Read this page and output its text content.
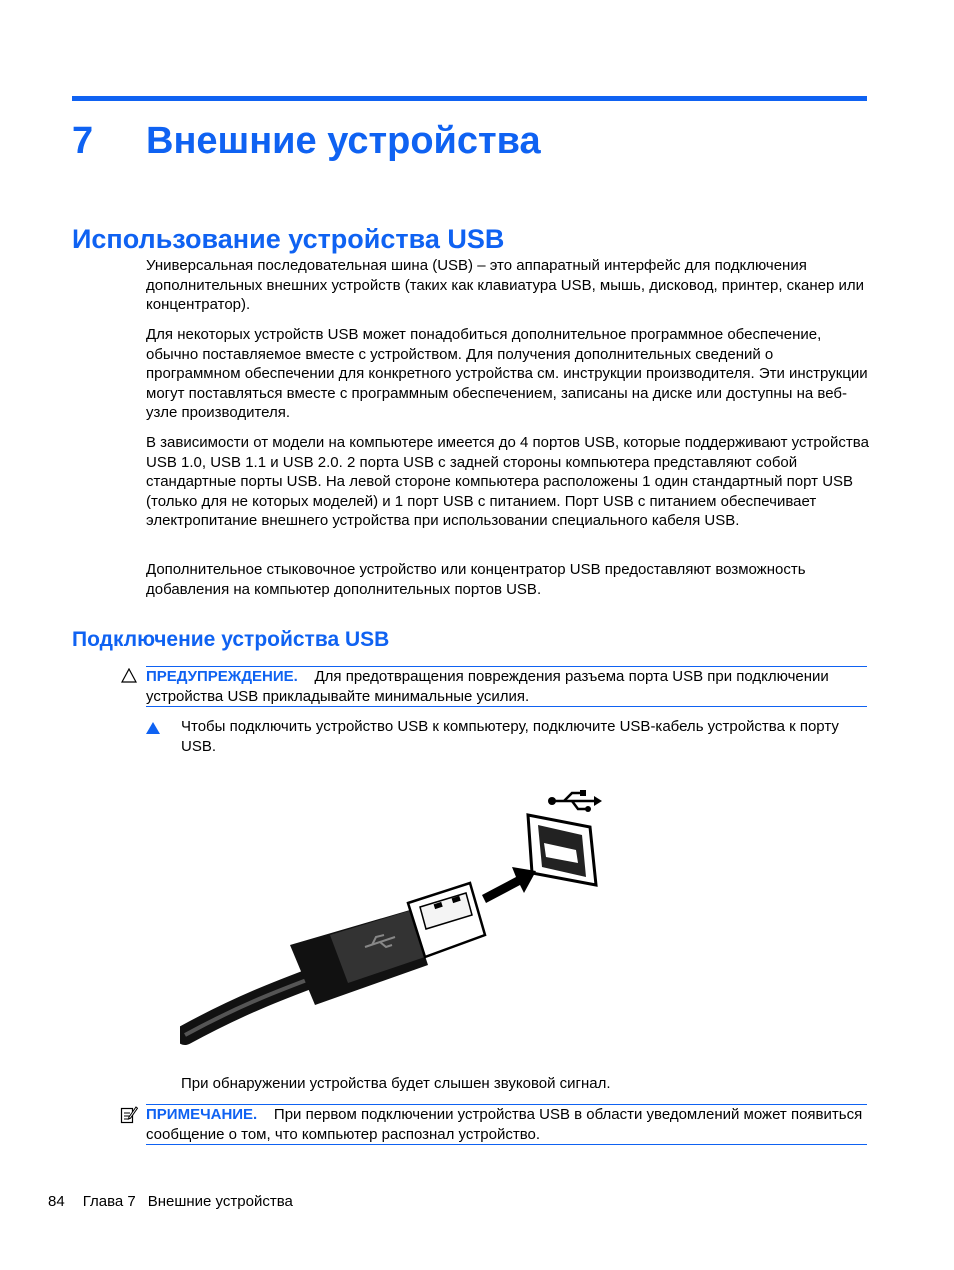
7 Внешние устройства
Использование устройства USB

Универсальная последовательная шина (USB) – это аппаратный интерфейс для подключения дополнительных внешних устройств (таких как клавиатура USB, мышь, дисковод, принтер, сканер или концентратор).

Для некоторых устройств USB может понадобиться дополнительное программное обеспечение, обычно поставляемое вместе с устройством. Для получения дополнительных сведений о программном обеспечении для конкретного устройства см. инструкции производителя. Эти инструкции могут поставляться вместе с программным обеспечением, записаны на диске или доступны на веб-узле производителя.

В зависимости от модели на компьютере имеется до 4 портов USB, которые поддерживают устройства USB 1.0, USB 1.1 и USB 2.0. 2 порта USB с задней стороны компьютера представляют собой стандартные порты USB. На левой стороне компьютера расположены 1 один стандартный порт USB (только для не которых моделей) и 1 порт USB с питанием. Порт USB с питанием обеспечивает электропитание внешнего устройства при использовании специального кабеля USB.

Дополнительное стыковочное устройство или концентратор USB предоставляют возможность добавления на компьютер дополнительных портов USB.

Подключение устройства USB

ПРЕДУПРЕЖДЕНИЕ. Для предотвращения повреждения разъема порта USB при подключении устройства USB прикладывайте минимальные усилия.

Чтобы подключить устройство USB к компьютеру, подключите USB-кабель устройства к порту USB.

При обнаружении устройства будет слышен звуковой сигнал.

ПРИМЕЧАНИЕ. При первом подключении устройства USB в области уведомлений может появиться сообщение о том, что компьютер распознал устройство.

84 Глава 7 Внешние устройства
